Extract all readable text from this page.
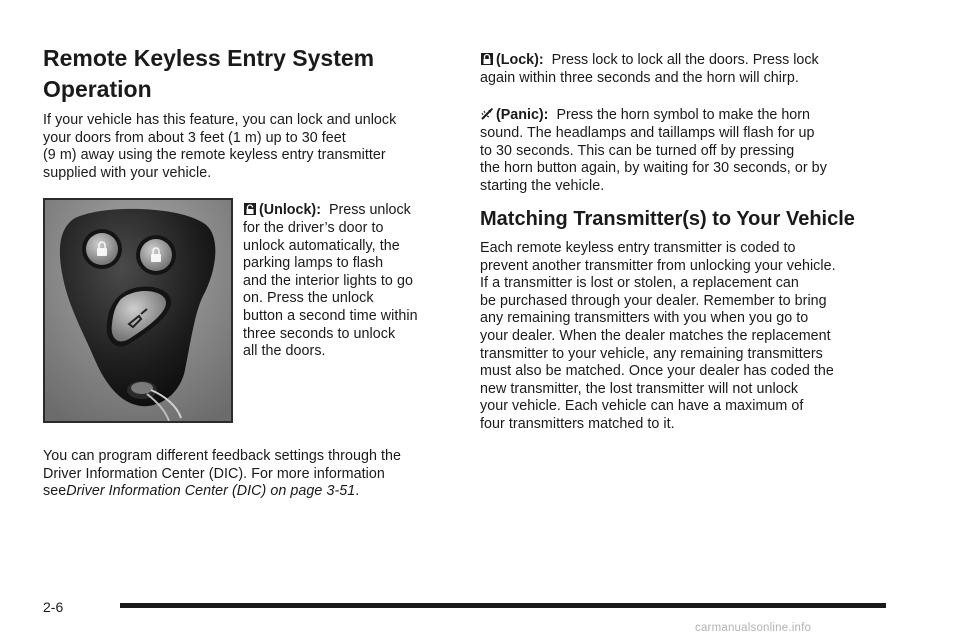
Remote Keyless Entry System
Operation

If your vehicle has this feature, you can lock and unlock
your doors from about 3 feet (1 m) up to 30 feet
(9 m) away using the remote keyless entry transmitter
supplied with your vehicle.

(Unlock): Press unlock

for the driver’s door to
unlock automatically, the
parking lamps to flash
and the interior lights to go
on. Press the unlock
button a second time within
three seconds to unlock
all the doors.

You can program different feedback settings through the
Driver Information Center (DIC). For more information
seeDriver Information Center (DIC) on page 3-51.

(Lock): Press lock to lock all the doors. Press lock

again within three seconds and the horn will chirp.

(Panic): Press the horn symbol to make the horn

sound. The headlamps and taillamps will flash for up
to 30 seconds. This can be turned off by pressing
the horn button again, by waiting for 30 seconds, or by
starting the vehicle.

Matching Transmitter(s) to Your Vehicle

Each remote keyless entry transmitter is coded to
prevent another transmitter from unlocking your vehicle.
If a transmitter is lost or stolen, a replacement can
be purchased through your dealer. Remember to bring
any remaining transmitters with you when you go to
your dealer. When the dealer matches the replacement
transmitter to your vehicle, any remaining transmitters
must also be matched. Once your dealer has coded the
new transmitter, the lost transmitter will not unlock
your vehicle. Each vehicle can have a maximum of
four transmitters matched to it.

2-6
carmanualsonline.info
